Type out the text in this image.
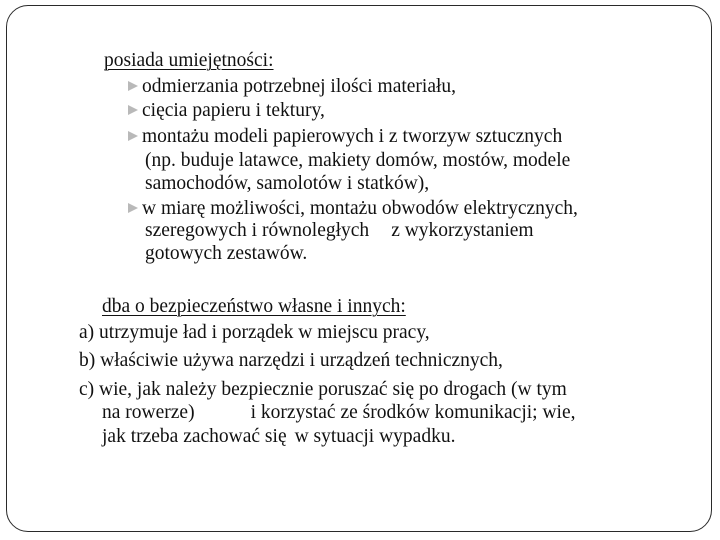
posiada umiejętności:
odmierzania potrzebnej ilości materiału,
cięcia papieru i tektury,
montażu modeli papierowych i z tworzyw sztucznych
(np. buduje latawce, makiety domów, mostów, modele
samochodów, samolotów i statków),
w miarę możliwości, montażu obwodów elektrycznych,
szeregowych i równoległych z wykorzystaniem
gotowych zestawów.
dba o bezpieczeństwo własne i innych:
a) utrzymuje ład i porządek w miejscu pracy,
b) właściwie używa narzędzi i urządzeń technicznych,
c) wie, jak należy bezpiecznie poruszać się po drogach (w tym
na rowerze)	i korzystać ze środków komunikacji; wie,
jak trzeba zachować się w sytuacji wypadku.
